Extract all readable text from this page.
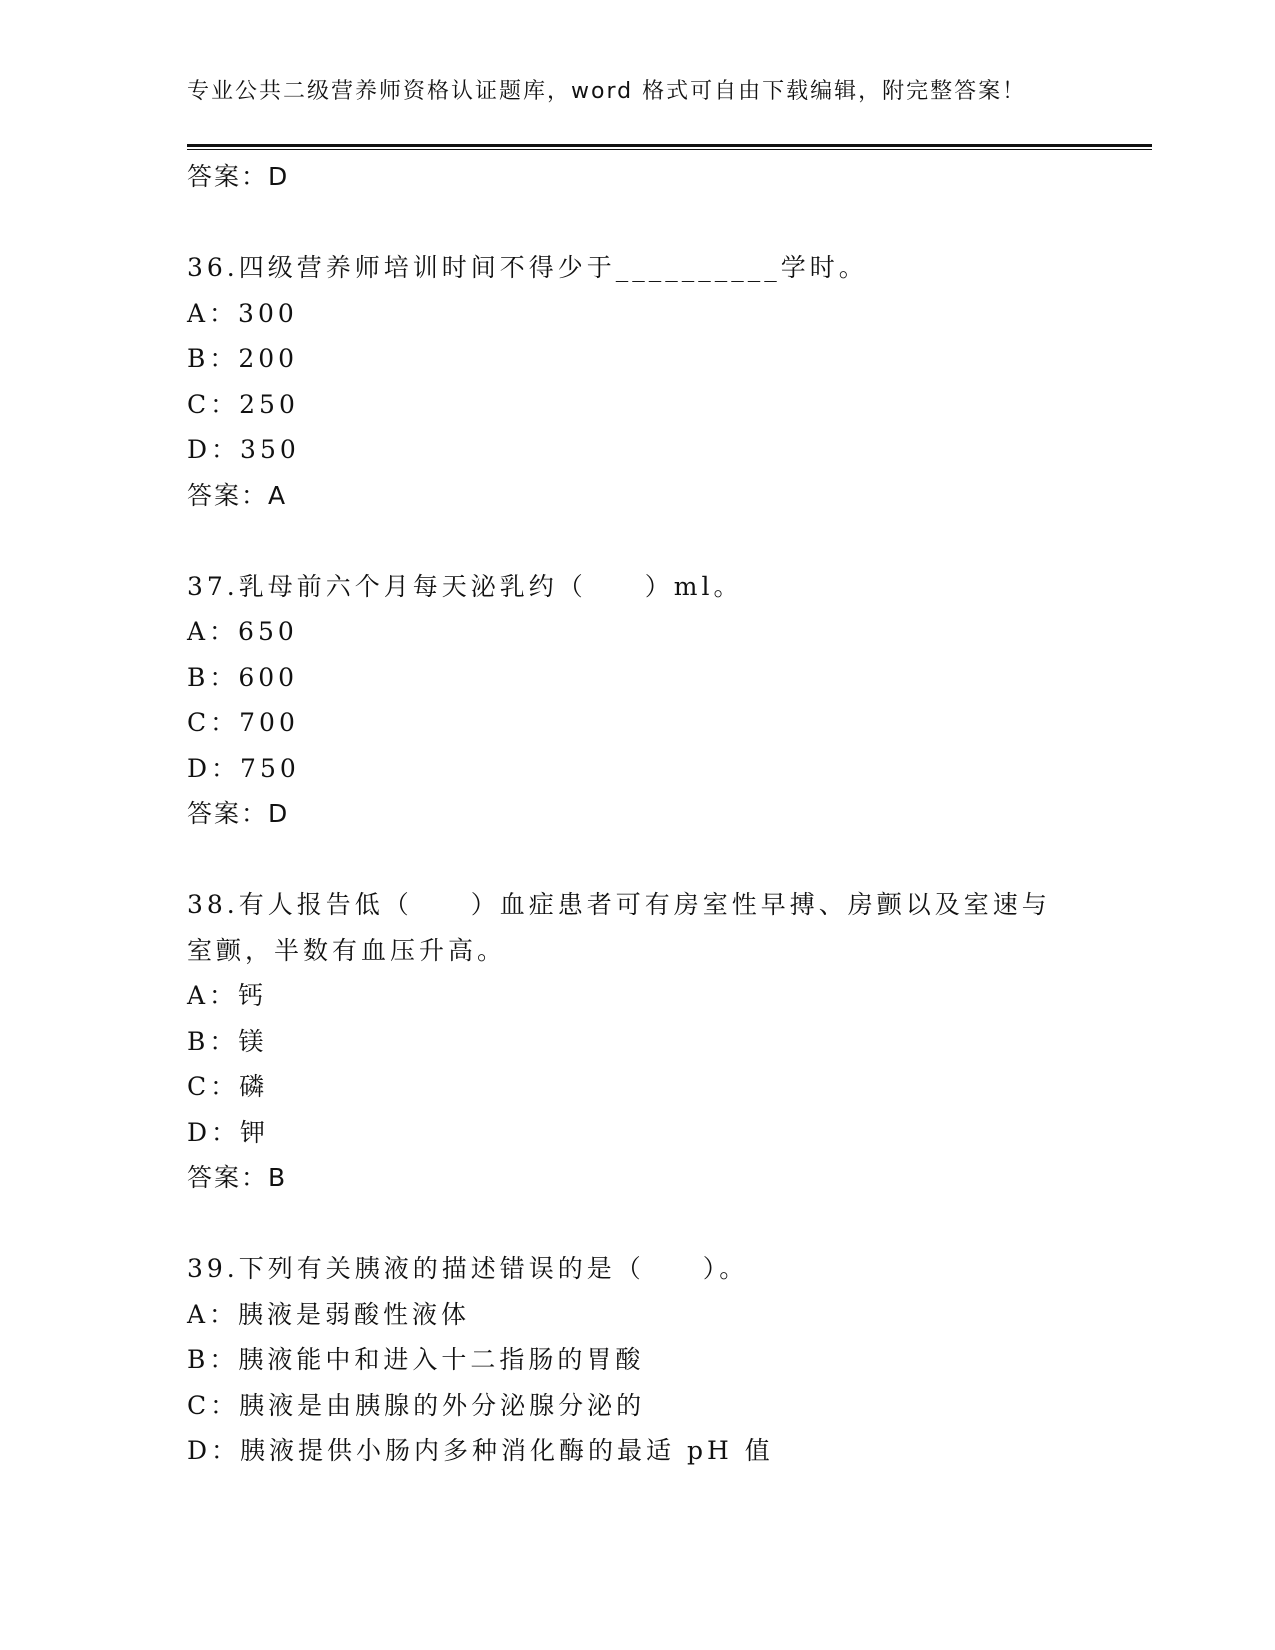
专业公共二级营养师资格认证题库，word 格式可自由下载编辑，附完整答案！
答案：D
36.四级营养师培训时间不得少于__________学时。
A：300
B：200
C：250
D：350
答案：A
37.乳母前六个月每天泌乳约（　　）ml。
A：650
B：600
C：700
D：750
答案：D
38.有人报告低（　　）血症患者可有房室性早搏、房颤以及室速与室颤，半数有血压升高。
A：钙
B：镁
C：磷
D：钾
答案：B
39.下列有关胰液的描述错误的是（　　）。
A：胰液是弱酸性液体
B：胰液能中和进入十二指肠的胃酸
C：胰液是由胰腺的外分泌腺分泌的
D：胰液提供小肠内多种消化酶的最适 pH 值
